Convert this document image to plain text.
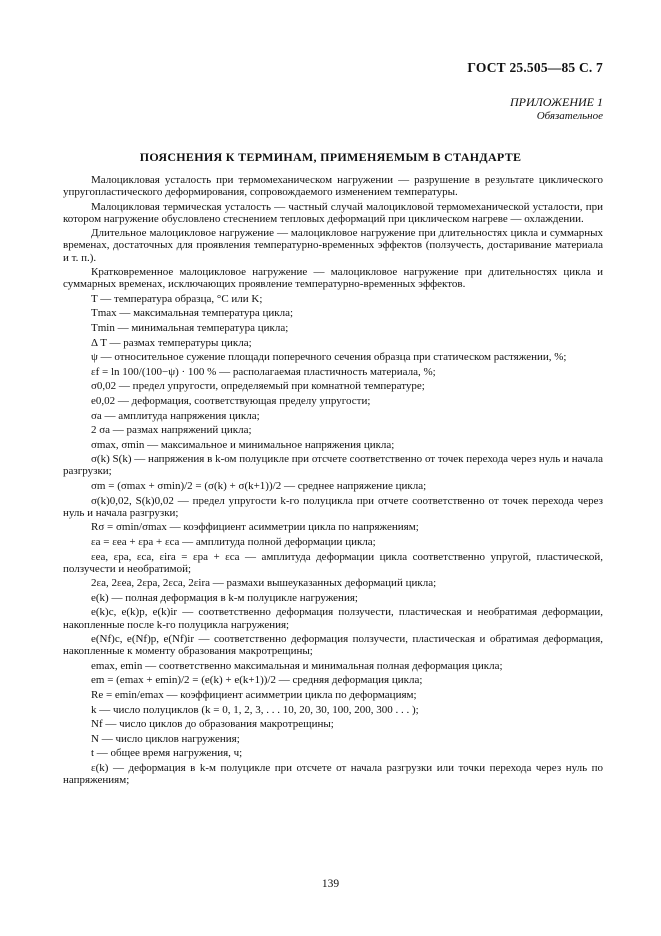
ГОСТ 25.505—85 С. 7
ПРИЛОЖЕНИЕ 1
Обязательное
ПОЯСНЕНИЯ К ТЕРМИНАМ, ПРИМЕНЯЕМЫМ В СТАНДАРТЕ
Малоцикловая усталость при термомеханическом нагружении — разрушение в результате циклического упругопластического деформирования, сопровождаемого изменением температуры.
Малоцикловая термическая усталость — частный случай малоцикловой термомеханической усталости, при котором нагружение обусловлено стеснением тепловых деформаций при циклическом нагреве — охлаждении.
Длительное малоцикловое нагружение — малоцикловое нагружение при длительностях цикла и суммарных временах, достаточных для проявления температурно-временных эффектов (ползучесть, достаривание материала и т. п.).
Кратковременное малоцикловое нагружение — малоцикловое нагружение при длительностях цикла и суммарных временах, исключающих проявление температурно-временных эффектов.
T — температура образца, °C или K;
Tmax — максимальная температура цикла;
Tmin — минимальная температура цикла;
Δ T — размах температуры цикла;
ψ — относительное сужение площади поперечного сечения образца при статическом растяжении, %;
εf = ln 100/(100−ψ) · 100 % — располагаемая пластичность материала, %;
σ0,02 — предел упругости, определяемый при комнатной температуре;
e0,02 — деформация, соответствующая пределу упругости;
σa — амплитуда напряжения цикла;
2 σa — размах напряжений цикла;
σmax, σmin — максимальное и минимальное напряжения цикла;
σ(k) S(k) — напряжения в k-ом полуцикле при отсчете соответственно от точек перехода через нуль и начала разгрузки;
σm = (σmax + σmin)/2 = (σ(k) + σ(k+1))/2 — среднее напряжение цикла;
σ(k)0,02, S(k)0,02 — предел упругости k-го полуцикла при отчете соответственно от точек перехода через нуль и начала разгрузки;
Rσ = σmin/σmax — коэффициент асимметрии цикла по напряжениям;
εa = εea + εpa + εca — амплитуда полной деформации цикла;
εea, εpa, εca, εira = εpa + εca — амплитуда деформации цикла соответственно упругой, пластической, ползучести и необратимой;
2εa, 2εea, 2εpa, 2εca, 2εira — размахи вышеуказанных деформаций цикла;
e(k) — полная деформация в k-м полуцикле нагружения;
e(k)c, e(k)p, e(k)ir — соответственно деформация ползучести, пластическая и необратимая деформации, накопленные после k-го полуцикла нагружения;
e(Nf)c, e(Nf)p, e(Nf)ir — соответственно деформация ползучести, пластическая и обратимая деформация, накопленные к моменту образования макротрещины;
emax, emin — соответственно максимальная и минимальная полная деформация цикла;
em = (emax + emin)/2 = (e(k) + e(k+1))/2 — средняя деформация цикла;
Re = emin/emax — коэффициент асимметрии цикла по деформациям;
k — число полуциклов (k = 0, 1, 2, 3, . . . 10, 20, 30, 100, 200, 300 . . . );
Nf — число циклов до образования макротрещины;
N — число циклов нагружения;
t — общее время нагружения, ч;
ε(k) — деформация в k-м полуцикле при отсчете от начала разгрузки или точки перехода через нуль по напряжениям;
139
